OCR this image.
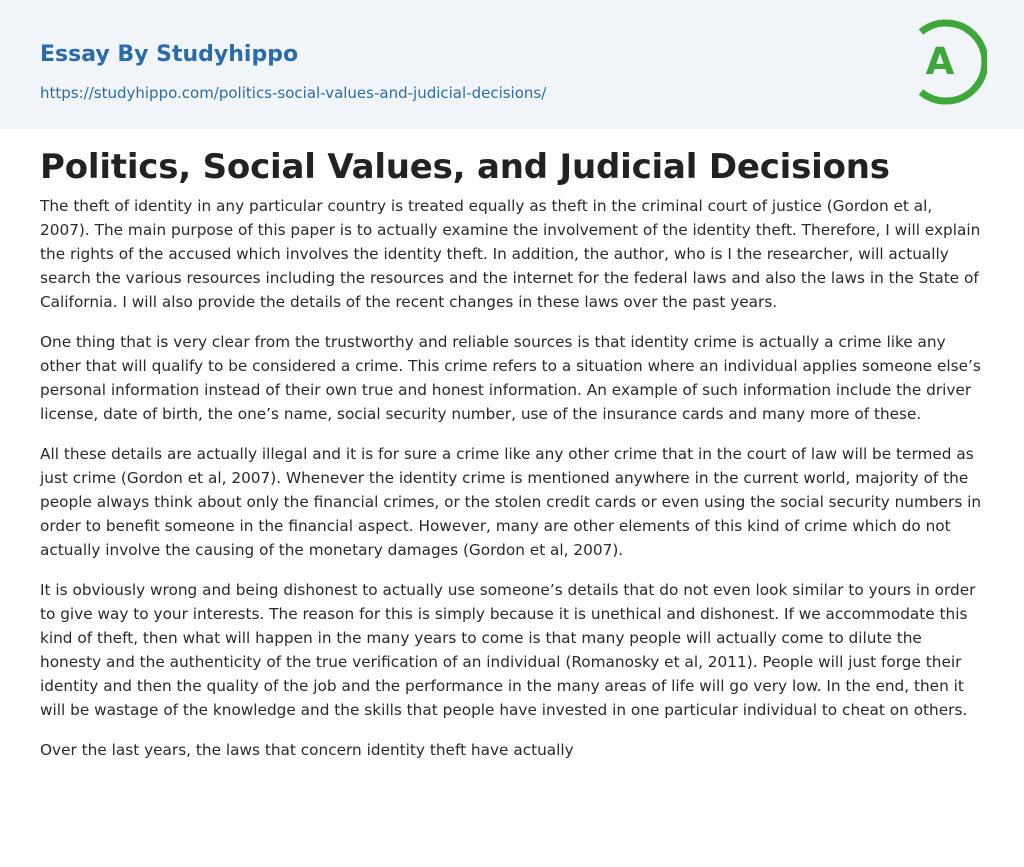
Essay By Studyhippo
https://studyhippo.com/politics-social-values-and-judicial-decisions/
A
Politics, Social Values, and Judicial Decisions

The theft of identity in any particular country is treated equally as theft in the criminal court of justice (Gordon et al, 2007). The main purpose of this paper is to actually examine the involvement of the identity theft. Therefore, I will explain the rights of the accused which involves the identity theft. In addition, the author, who is I the researcher, will actually search the various resources including the resources and the internet for the federal laws and also the laws in the State of California. I will also provide the details of the recent changes in these laws over the past years.

One thing that is very clear from the trustworthy and reliable sources is that identity crime is actually a crime like any other that will qualify to be considered a crime. This crime refers to a situation where an individual applies someone else’s personal information instead of their own true and honest information. An example of such information include the driver license, date of birth, the one’s name, social security number, use of the insurance cards and many more of these.

All these details are actually illegal and it is for sure a crime like any other crime that in the court of law will be termed as just crime (Gordon et al, 2007). Whenever the identity crime is mentioned anywhere in the current world, majority of the people always think about only the financial crimes, or the stolen credit cards or even using the social security numbers in order to benefit someone in the financial aspect. However, many are other elements of this kind of crime which do not actually involve the causing of the monetary damages (Gordon et al, 2007).

It is obviously wrong and being dishonest to actually use someone’s details that do not even look similar to yours in order to give way to your interests. The reason for this is simply because it is unethical and dishonest. If we accommodate this kind of theft, then what will happen in the many years to come is that many people will actually come to dilute the honesty and the authenticity of the true verification of an individual (Romanosky et al, 2011). People will just forge their identity and then the quality of the job and the performance in the many areas of life will go very low. In the end, then it will be wastage of the knowledge and the skills that people have invested in one particular individual to cheat on others.

Over the last years, the laws that concern identity theft have actually
